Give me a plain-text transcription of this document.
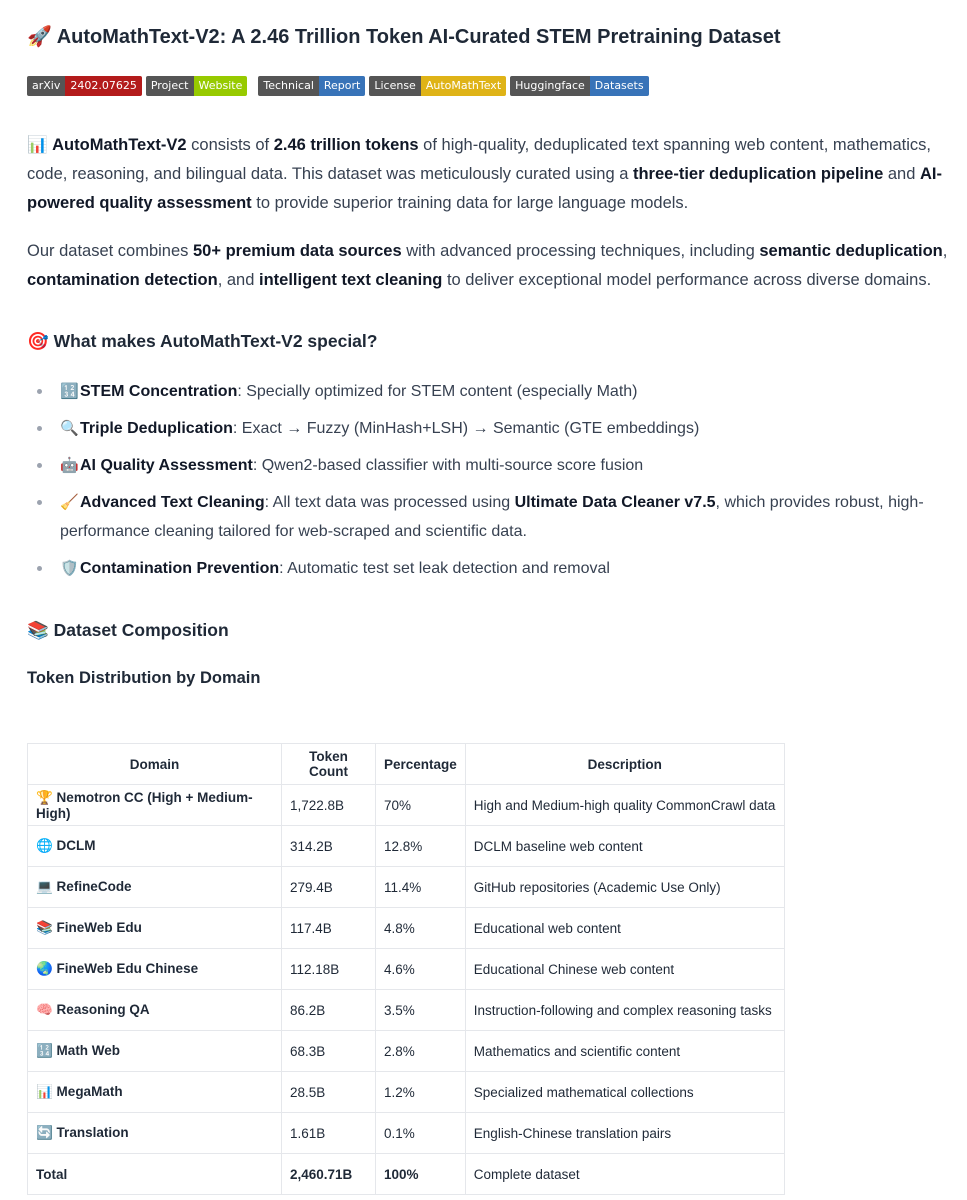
🚀 AutoMathText-V2: A 2.46 Trillion Token AI-Curated STEM Pretraining Dataset
arXiv 2402.07625	Project Website	Technical Report	License AutoMathText	Huggingface Datasets

📊 AutoMathText-V2 consists of 2.46 trillion tokens of high-quality, deduplicated text spanning web content, mathematics, code, reasoning, and bilingual data. This dataset was meticulously curated using a three-tier deduplication pipeline and AI-powered quality assessment to provide superior training data for large language models.

Our dataset combines 50+ premium data sources with advanced processing techniques, including semantic deduplication, contamination detection, and intelligent text cleaning to deliver exceptional model performance across diverse domains.

🎯 What makes AutoMathText-V2 special?
🔢STEM Concentration: Specially optimized for STEM content (especially Math)
🔍Triple Deduplication: Exact → Fuzzy (MinHash+LSH) → Semantic (GTE embeddings)
🤖AI Quality Assessment: Qwen2-based classifier with multi-source score fusion
🧹Advanced Text Cleaning: All text data was processed using Ultimate Data Cleaner v7.5, which provides robust, high-performance cleaning tailored for web-scraped and scientific data.
🛡️Contamination Prevention: Automatic test set leak detection and removal
📚 Dataset Composition
Token Distribution by Domain
Domain	Token Count	Percentage	Description
🏆 Nemotron CC (High + Medium-High)	1,722.8B	70%	High and Medium-high quality CommonCrawl data
🌐 DCLM	314.2B	12.8%	DCLM baseline web content
💻 RefineCode	279.4B	11.4%	GitHub repositories (Academic Use Only)
📚 FineWeb Edu	117.4B	4.8%	Educational web content
🌏 FineWeb Edu Chinese	112.18B	4.6%	Educational Chinese web content
🧠 Reasoning QA	86.2B	3.5%	Instruction-following and complex reasoning tasks
🔢 Math Web	68.3B	2.8%	Mathematics and scientific content
📊 MegaMath	28.5B	1.2%	Specialized mathematical collections
🔄 Translation	1.61B	0.1%	English-Chinese translation pairs
Total	2,460.71B	100%	Complete dataset
